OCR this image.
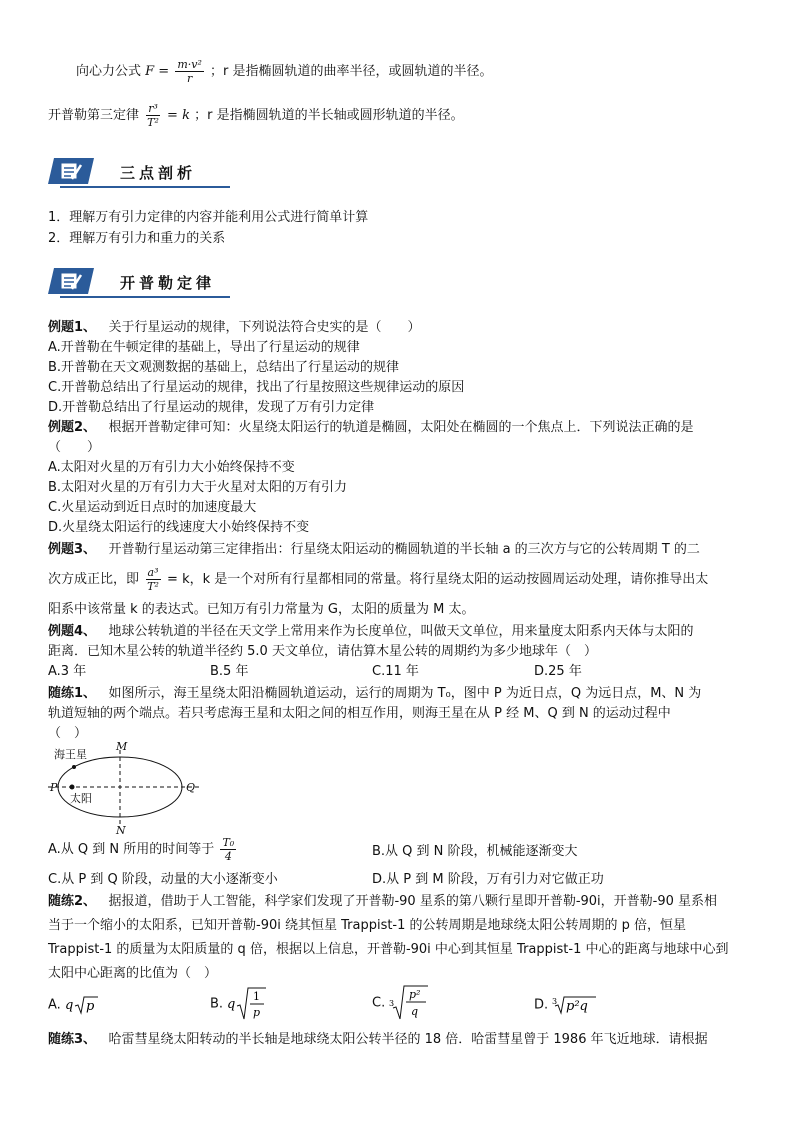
向心力公式 $F = \frac{\text{m·v²}}{r}$ ；r 是指椭圆轨道的曲率半径，或圆轨道的半径。
开普勒第三定律 $\frac{\text{r³}}{\text{T²}} = k$ ；r 是指椭圆轨道的半长轴或圆形轨道的半径。
三点剖析
1．理解万有引力定律的内容并能利用公式进行简单计算
2．理解万有引力和重力的关系
开普勒定律
例题1、 关于行星运动的规律，下列说法符合史实的是（　　）
A.开普勒在牛顿定律的基础上，导出了行星运动的规律
B.开普勒在天文观测数据的基础上，总结出了行星运动的规律
C.开普勒总结出了行星运动的规律，找出了行星按照这些规律运动的原因
D.开普勒总结出了行星运动的规律，发现了万有引力定律
例题2、 根据开普勒定律可知：火星绕太阳运行的轨道是椭圆，太阳处在椭圆的一个焦点上．下列说法正确的是
（　　）
A.太阳对火星的万有引力大小始终保持不变
B.太阳对火星的万有引力大于火星对太阳的万有引力
C.火星运动到近日点时的加速度最大
D.火星绕太阳运行的线速度大小始终保持不变
例题3、 开普勒行星运动第三定律指出：行星绕太阳运动的椭圆轨道的半长轴 a 的三次方与它的公转周期 T 的二
次方成正比，即 $\frac{\text{a³}}{\text{T²}} = k$，k 是一个对所有行星都相同的常量。将行星绕太阳的运动按圆周运动处理，请你推导出太
阳系中该常量 k 的表达式。已知万有引力常量为 G，太阳的质量为 M 太。
例题4、 地球公转轨道的半径在天文学上常用来作为长度单位，叫做天文单位，用来量度太阳系内天体与太阳的
距离．已知木星公转的轨道半径约 5.0 天文单位，请估算木星公转的周期约为多少地球年（　）
A.3 年	B.5 年	C.11 年	D.25 年
随练1、 如图所示，海王星绕太阳沿椭圆轨道运动，运行的周期为 T₀，图中 P 为近日点，Q 为远日点，M、N 为
轨道短轴的两个端点。若只考虑海王星和太阳之间的相互作用，则海王星在从 P 经 M、Q 到 N 的运动过程中
（　）
海王星
太阳
M
N
P	Q
A.从 Q 到 N 所用的时间等于 $\frac{\text{T₀}}{4}$	B.从 Q 到 N 阶段，机械能逐渐变大
C.从 P 到 Q 阶段，动量的大小逐渐变小	D.从 P 到 M 阶段，万有引力对它做正功
随练2、 据报道，借助于人工智能，科学家们发现了开普勒-90 星系的第八颗行星即开普勒-90i，开普勒-90 星系相
当于一个缩小的太阳系，已知开普勒-90i 绕其恒星 Trappist-1 的公转周期是地球绕太阳公转周期的 p 倍，恒星
Trappist-1 的质量为太阳质量的 q 倍，根据以上信息，开普勒-90i 中心到其恒星 Trappist-1 中心的距离与地球中心到
太阳中心距离的比值为（　）
A. q p	B. q
1
p
C. 3
p²
q	D. 3 p²q
随练3、 哈雷彗星绕太阳转动的半长轴是地球绕太阳公转半径的 18 倍．哈雷彗星曾于 1986 年飞近地球．请根据
